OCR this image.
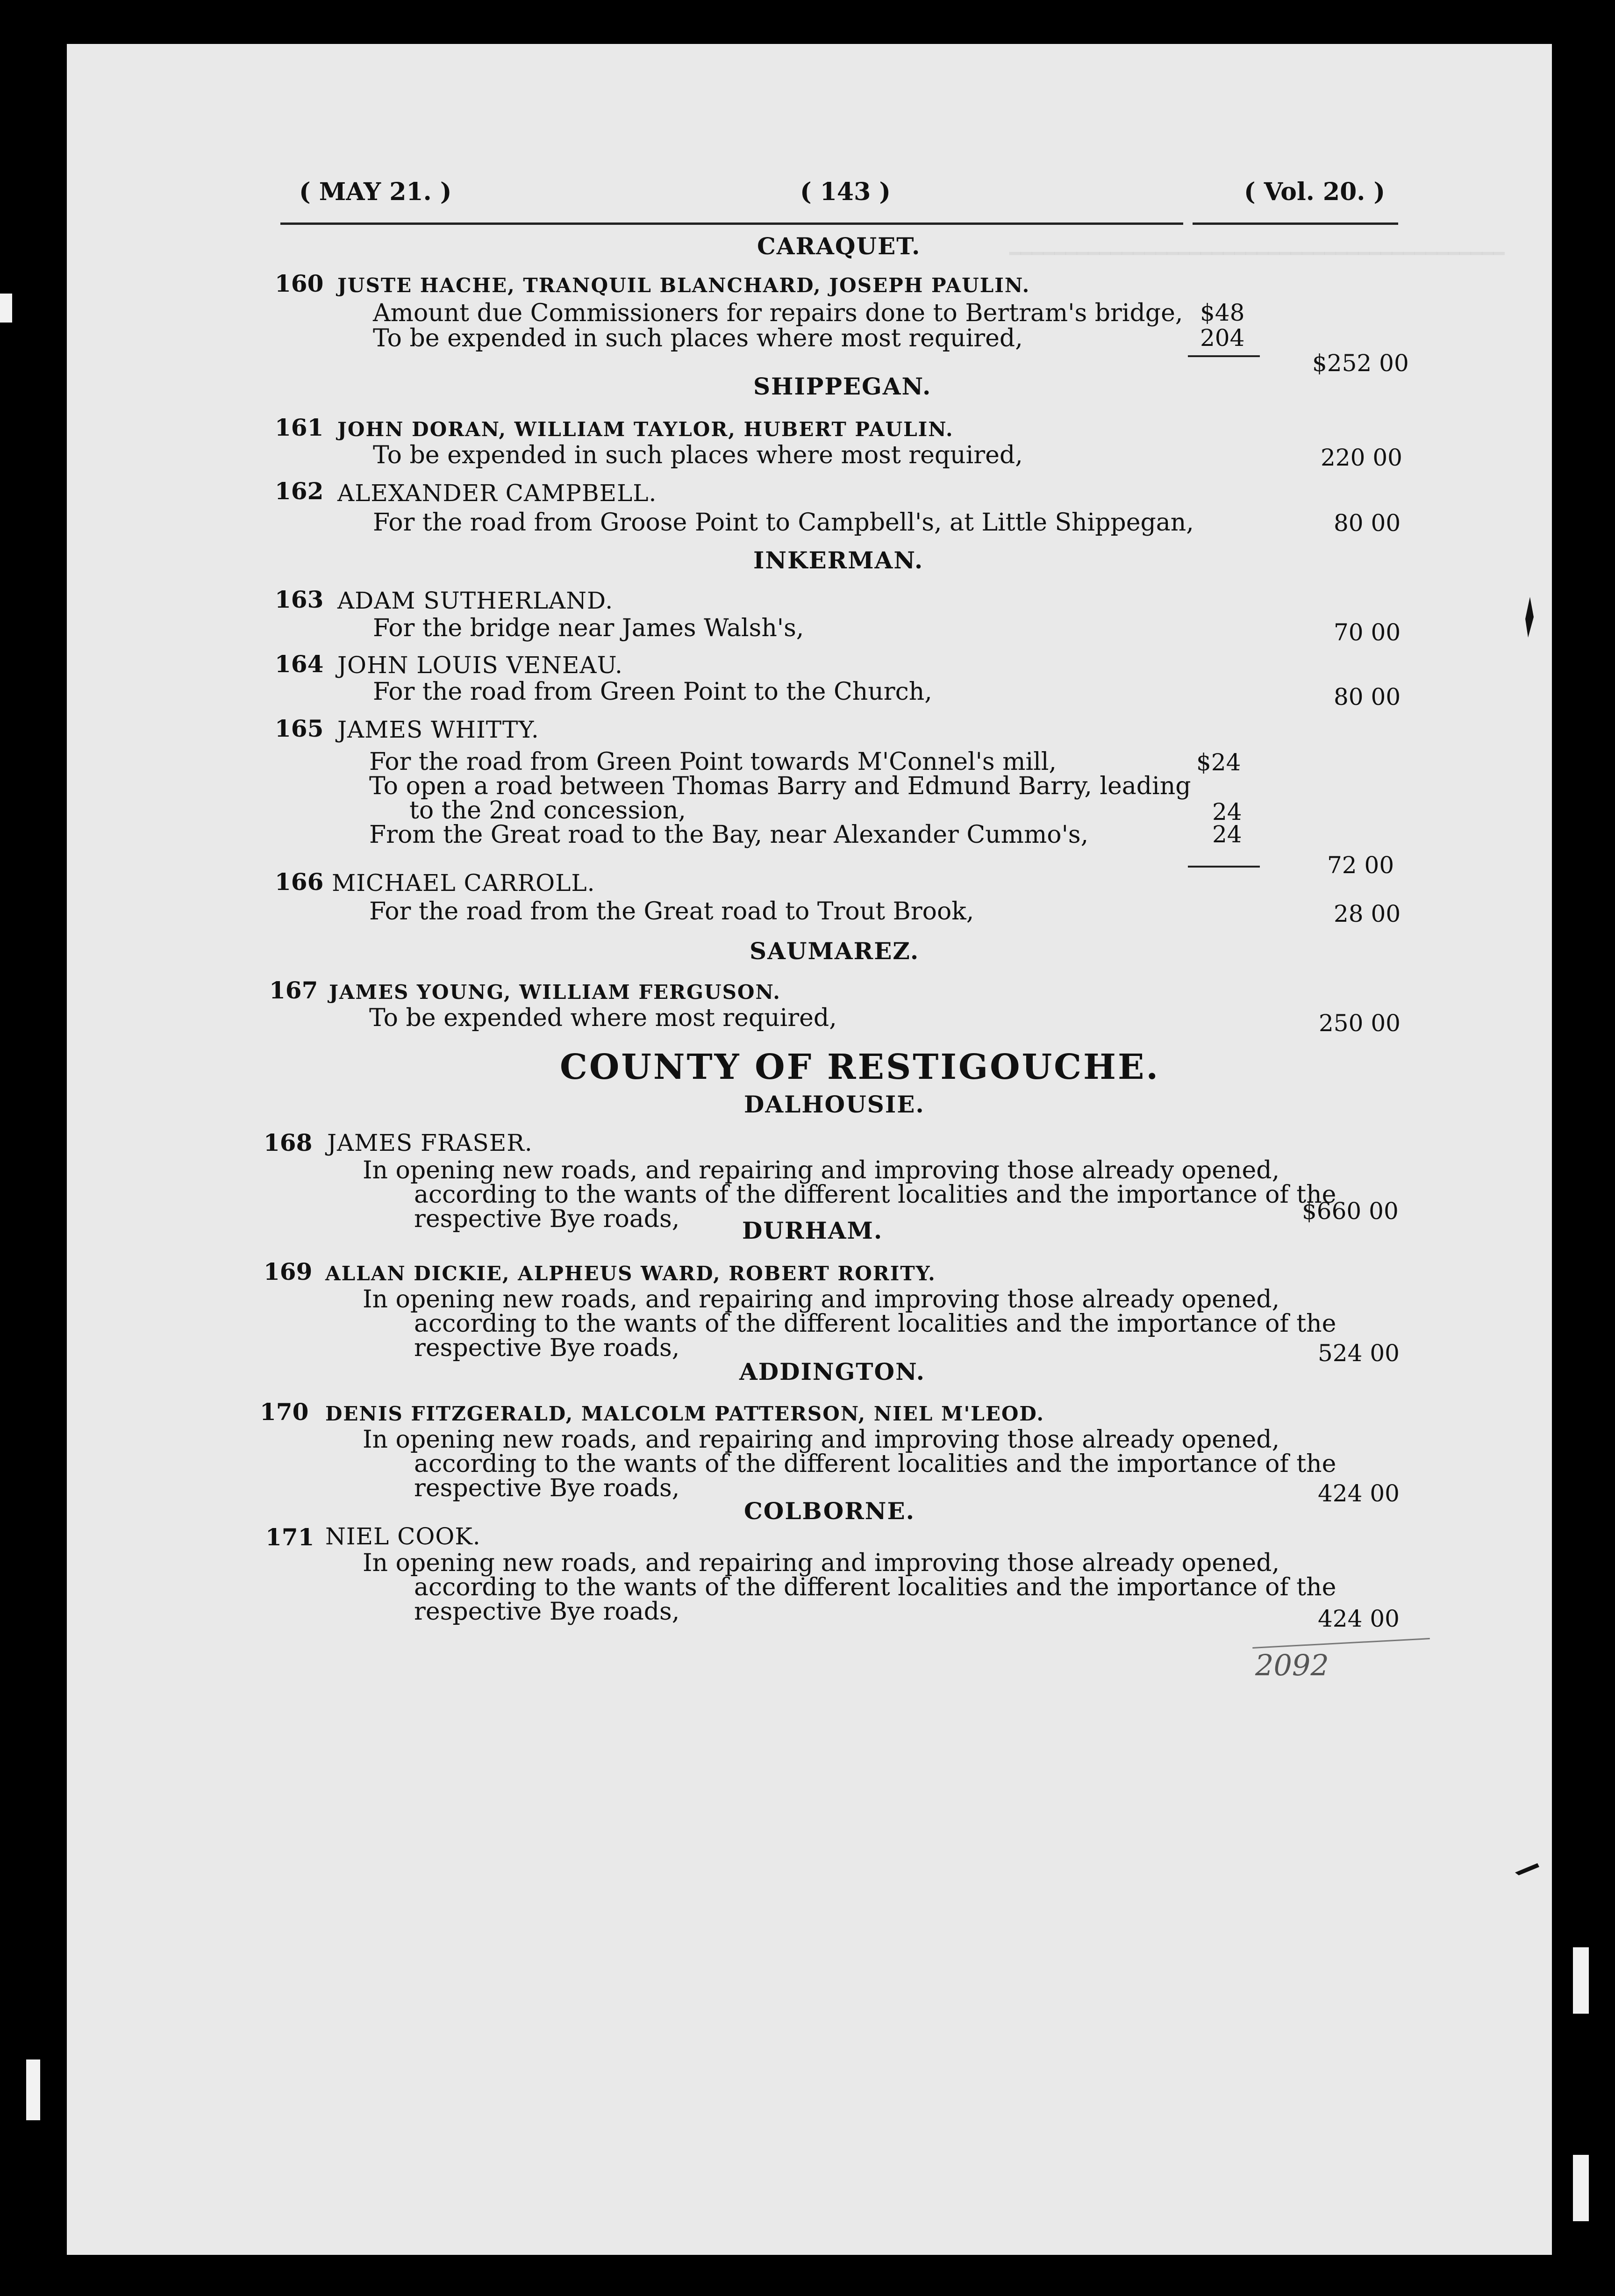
━━━━━━━━━━━━━━━━━━━━━━━━━━━━━━━━━━━━━━━━━━━━
( MAY 21. )	( 143 )	( Vol. 20. )
CARAQUET.
160 JUSTE HACHE, TRANQUIL BLANCHARD, JOSEPH PAULIN.
Amount due Commissioners for repairs done to Bertram's bridge, $48
To be expended in such places where most required,	204
$252 00
SHIPPEGAN.
161 JOHN DORAN, WILLIAM TAYLOR, HUBERT PAULIN.
To be expended in such places where most required,	220 00
162 ALEXANDER CAMPBELL.
For the road from Groose Point to Campbell's, at Little Shippegan,	80 00
INKERMAN.
163 ADAM SUTHERLAND.
For the bridge near James Walsh's,	70 00
164 JOHN LOUIS VENEAU.
For the road from Green Point to the Church,	80 00
165 JAMES WHITTY.
For the road from Green Point towards M'Connel's mill,	$24
To open a road between Thomas Barry and Edmund Barry, leading
to the 2nd concession,	24
From the Great road to the Bay, near Alexander Cummo's,	24
72 00
166 MICHAEL CARROLL.
For the road from the Great road to Trout Brook,	28 00
SAUMAREZ.
167 JAMES YOUNG, WILLIAM FERGUSON.
To be expended where most required,	250 00
COUNTY OF RESTIGOUCHE.
DALHOUSIE.
168 JAMES FRASER.
In opening new roads, and repairing and improving those already opened,
according to the wants of the different localities and the importance of the
respective Bye roads,	$660 00
DURHAM.
169 ALLAN DICKIE, ALPHEUS WARD, ROBERT RORITY.
In opening new roads, and repairing and improving those already opened,
according to the wants of the different localities and the importance of the
respective Bye roads,	524 00
ADDINGTON.
170 DENIS FITZGERALD, MALCOLM PATTERSON, NIEL M'LEOD.
In opening new roads, and repairing and improving those already opened,
according to the wants of the different localities and the importance of the
respective Bye roads,	424 00
COLBORNE.
171 NIEL COOK.
In opening new roads, and repairing and improving those already opened,
according to the wants of the different localities and the importance of the
respective Bye roads,	424 00
2092
